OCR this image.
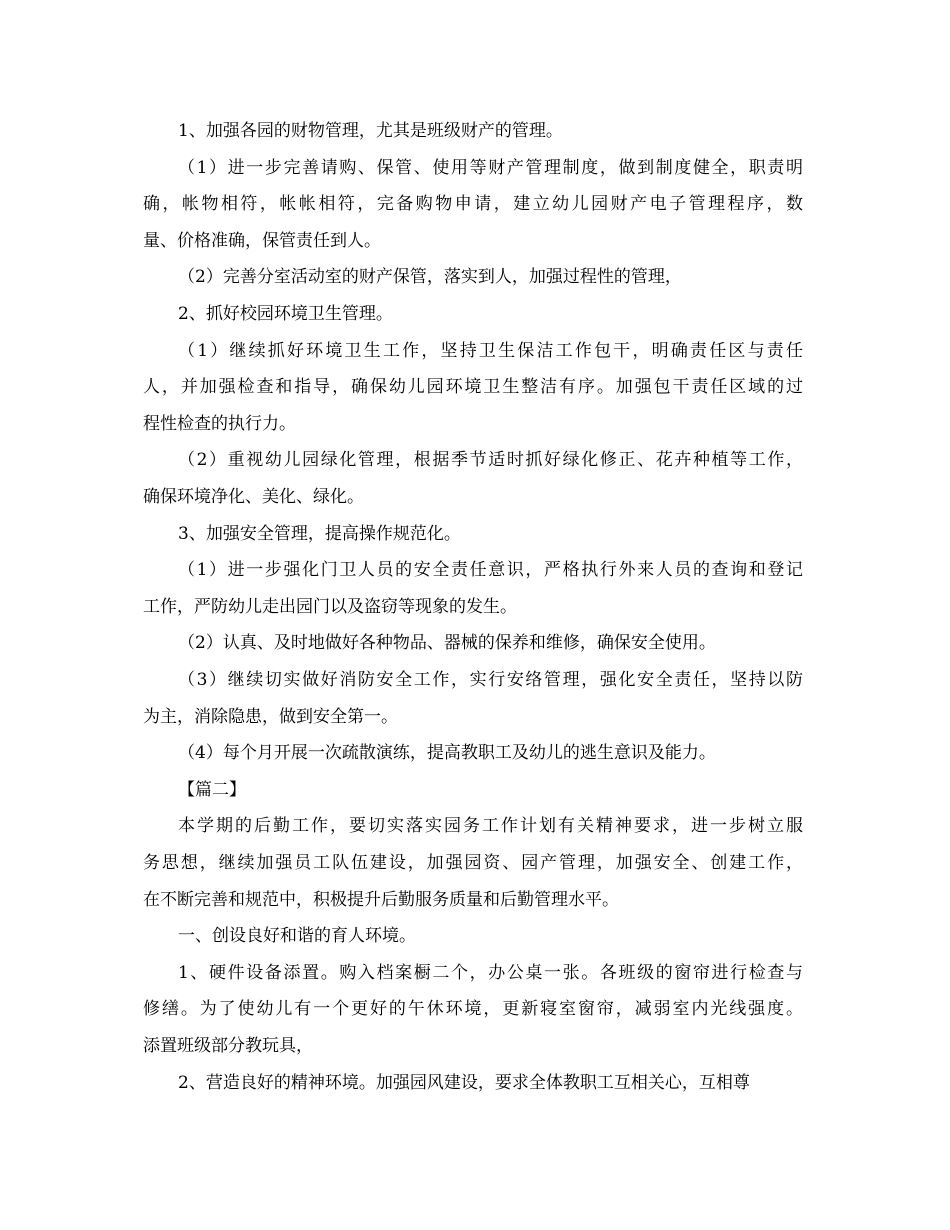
1、加强各园的财物管理，尤其是班级财产的管理。
（1）进一步完善请购、保管、使用等财产管理制度，做到制度健全，职责明
确，帐物相符，帐帐相符，完备购物申请，建立幼儿园财产电子管理程序，数
量、价格准确，保管责任到人。
（2）完善分室活动室的财产保管，落实到人，加强过程性的管理，
2、抓好校园环境卫生管理。
（1）继续抓好环境卫生工作，坚持卫生保洁工作包干，明确责任区与责任
人，并加强检查和指导，确保幼儿园环境卫生整洁有序。加强包干责任区域的过
程性检查的执行力。
（2）重视幼儿园绿化管理，根据季节适时抓好绿化修正、花卉种植等工作，
确保环境净化、美化、绿化。
3、加强安全管理，提高操作规范化。
（1）进一步强化门卫人员的安全责任意识，严格执行外来人员的查询和登记
工作，严防幼儿走出园门以及盗窃等现象的发生。
（2）认真、及时地做好各种物品、器械的保养和维修，确保安全使用。
（3）继续切实做好消防安全工作，实行安络管理，强化安全责任，坚持以防
为主，消除隐患，做到安全第一。
（4）每个月开展一次疏散演练，提高教职工及幼儿的逃生意识及能力。
【篇二】
本学期的后勤工作，要切实落实园务工作计划有关精神要求，进一步树立服
务思想，继续加强员工队伍建设，加强园资、园产管理，加强安全、创建工作，
在不断完善和规范中，积极提升后勤服务质量和后勤管理水平。
一、创设良好和谐的育人环境。
1、硬件设备添置。购入档案橱二个，办公桌一张。各班级的窗帘进行检查与
修缮。为了使幼儿有一个更好的午休环境，更新寝室窗帘，减弱室内光线强度。
添置班级部分教玩具，
2、营造良好的精神环境。加强园风建设，要求全体教职工互相关心，互相尊
